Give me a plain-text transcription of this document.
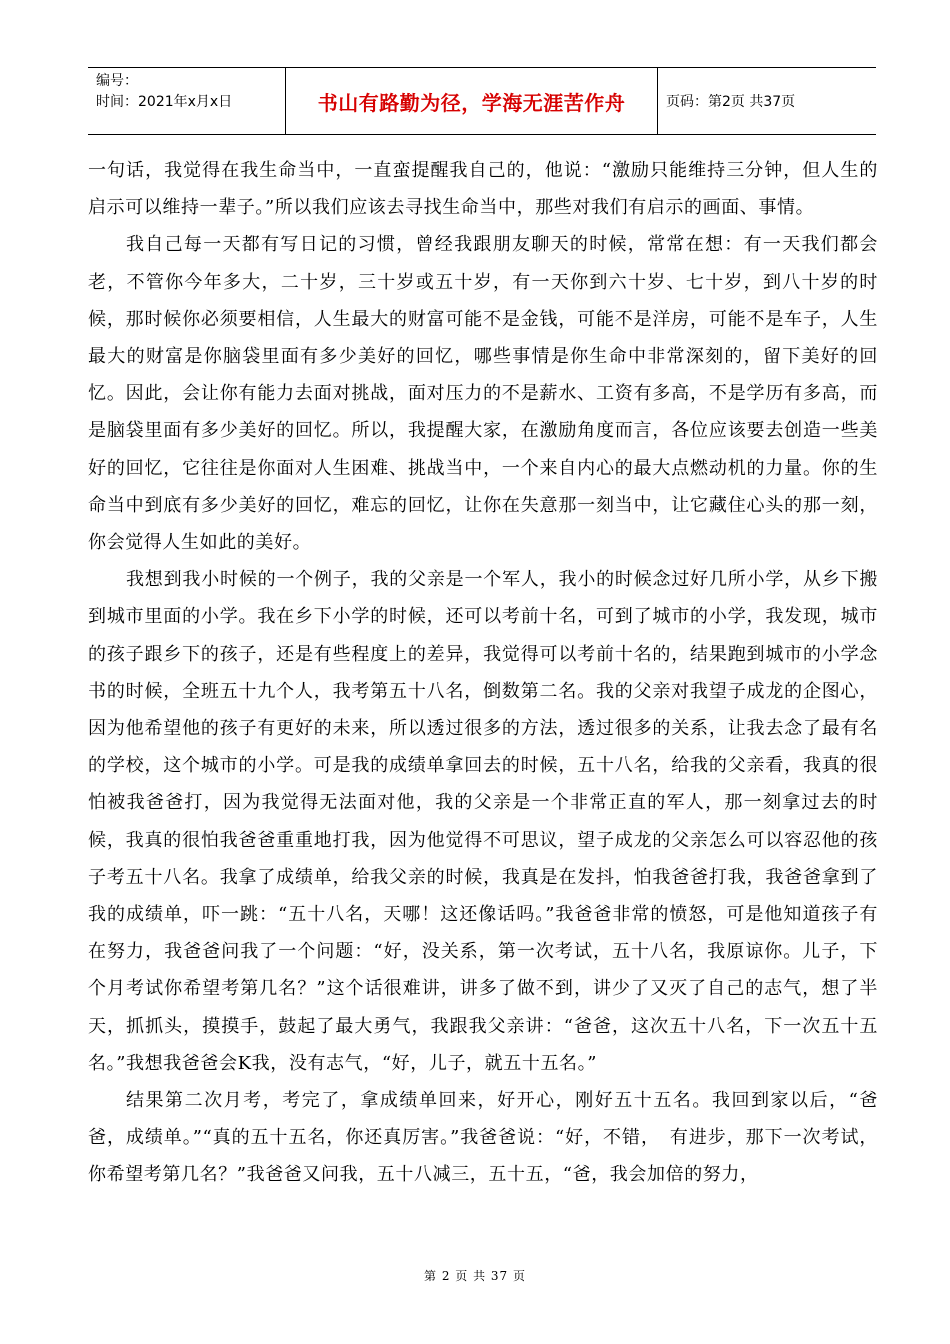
编号：
时间：2021年x月x日	书山有路勤为径，学海无涯苦作舟	页码：第2页 共37页

一句话，我觉得在我生命当中，一直蛮提醒我自己的，他说：“激励只能维持三分钟，但人生的启示可以维持一辈子。”所以我们应该去寻找生命当中，那些对我们有启示的画面、事情。

我自己每一天都有写日记的习惯，曾经我跟朋友聊天的时候，常常在想：有一天我们都会老，不管你今年多大，二十岁，三十岁或五十岁，有一天你到六十岁、七十岁，到八十岁的时候，那时候你必须要相信，人生最大的财富可能不是金钱，可能不是洋房，可能不是车子，人生最大的财富是你脑袋里面有多少美好的回忆，哪些事情是你生命中非常深刻的，留下美好的回忆。因此，会让你有能力去面对挑战，面对压力的不是薪水、工资有多高，不是学历有多高，而是脑袋里面有多少美好的回忆。所以，我提醒大家，在激励角度而言，各位应该要去创造一些美好的回忆，它往往是你面对人生困难、挑战当中，一个来自内心的最大点燃动机的力量。你的生命当中到底有多少美好的回忆，难忘的回忆，让你在失意那一刻当中，让它藏住心头的那一刻，你会觉得人生如此的美好。

我想到我小时候的一个例子，我的父亲是一个军人，我小的时候念过好几所小学，从乡下搬到城市里面的小学。我在乡下小学的时候，还可以考前十名，可到了城市的小学，我发现，城市的孩子跟乡下的孩子，还是有些程度上的差异，我觉得可以考前十名的，结果跑到城市的小学念书的时候，全班五十九个人，我考第五十八名，倒数第二名。我的父亲对我望子成龙的企图心，因为他希望他的孩子有更好的未来，所以透过很多的方法，透过很多的关系，让我去念了最有名的学校，这个城市的小学。可是我的成绩单拿回去的时候，五十八名，给我的父亲看，我真的很怕被我爸爸打，因为我觉得无法面对他，我的父亲是一个非常正直的军人，那一刻拿过去的时候，我真的很怕我爸爸重重地打我，因为他觉得不可思议，望子成龙的父亲怎么可以容忍他的孩子考五十八名。我拿了成绩单，给我父亲的时候，我真是在发抖，怕我爸爸打我，我爸爸拿到了我的成绩单，吓一跳：“五十八名，天哪！这还像话吗。”我爸爸非常的愤怒，可是他知道孩子有在努力，我爸爸问我了一个问题：“好，没关系，第一次考试，五十八名，我原谅你。儿子，下个月考试你希望考第几名？”这个话很难讲，讲多了做不到，讲少了又灭了自己的志气，想了半天，抓抓头，摸摸手，鼓起了最大勇气，我跟我父亲讲：“爸爸，这次五十八名，下一次五十五名。”我想我爸爸会K我，没有志气，“好，儿子，就五十五名。”

结果第二次月考，考完了，拿成绩单回来，好开心，刚好五十五名。我回到家以后，“爸爸，成绩单。”“真的五十五名，你还真厉害。”我爸爸说：“好，不错，　有进步，那下一次考试，你希望考第几名？”我爸爸又问我，五十八减三，五十五，“爸，我会加倍的努力，

第 2 页 共 37 页
